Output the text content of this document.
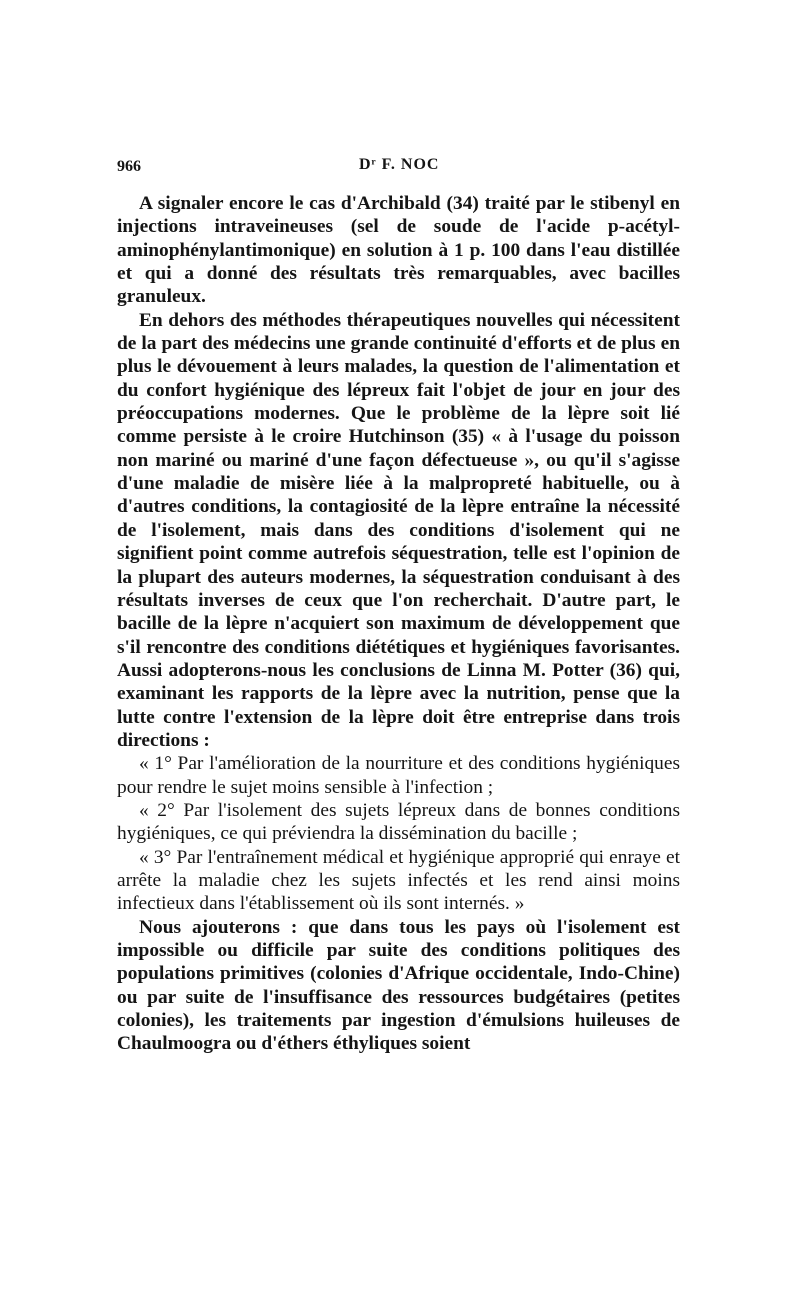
966	Dʳ F. NOC

A signaler encore le cas d'Archibald (34) traité par le stibenyl en injections intraveineuses (sel de soude de l'acide p-acétyl-aminophénylantimonique) en solution à 1 p. 100 dans l'eau distillée et qui a donné des résultats très remarquables, avec bacilles granuleux.

En dehors des méthodes thérapeutiques nouvelles qui nécessitent de la part des médecins une grande continuité d'efforts et de plus en plus le dévouement à leurs malades, la question de l'alimentation et du confort hygiénique des lépreux fait l'objet de jour en jour des préoccupations modernes. Que le problème de la lèpre soit lié comme persiste à le croire Hutchinson (35) « à l'usage du poisson non mariné ou mariné d'une façon défectueuse », ou qu'il s'agisse d'une maladie de misère liée à la malpropreté habituelle, ou à d'autres conditions, la contagiosité de la lèpre entraîne la nécessité de l'isolement, mais dans des conditions d'isolement qui ne signifient point comme autrefois séquestration, telle est l'opinion de la plupart des auteurs modernes, la séquestration conduisant à des résultats inverses de ceux que l'on recherchait. D'autre part, le bacille de la lèpre n'acquiert son maximum de développement que s'il rencontre des conditions diététiques et hygiéniques favorisantes. Aussi adopterons-nous les conclusions de Linna M. Potter (36) qui, examinant les rapports de la lèpre avec la nutrition, pense que la lutte contre l'extension de la lèpre doit être entreprise dans trois directions :

« 1° Par l'amélioration de la nourriture et des conditions hygiéniques pour rendre le sujet moins sensible à l'infection ;

« 2° Par l'isolement des sujets lépreux dans de bonnes conditions hygiéniques, ce qui préviendra la dissémination du bacille ;

« 3° Par l'entraînement médical et hygiénique approprié qui enraye et arrête la maladie chez les sujets infectés et les rend ainsi moins infectieux dans l'établissement où ils sont internés. »

Nous ajouterons : que dans tous les pays où l'isolement est impossible ou difficile par suite des conditions politiques des populations primitives (colonies d'Afrique occidentale, Indo-Chine) ou par suite de l'insuffisance des ressources budgétaires (petites colonies), les traitements par ingestion d'émulsions huileuses de Chaulmoogra ou d'éthers éthyliques soient
